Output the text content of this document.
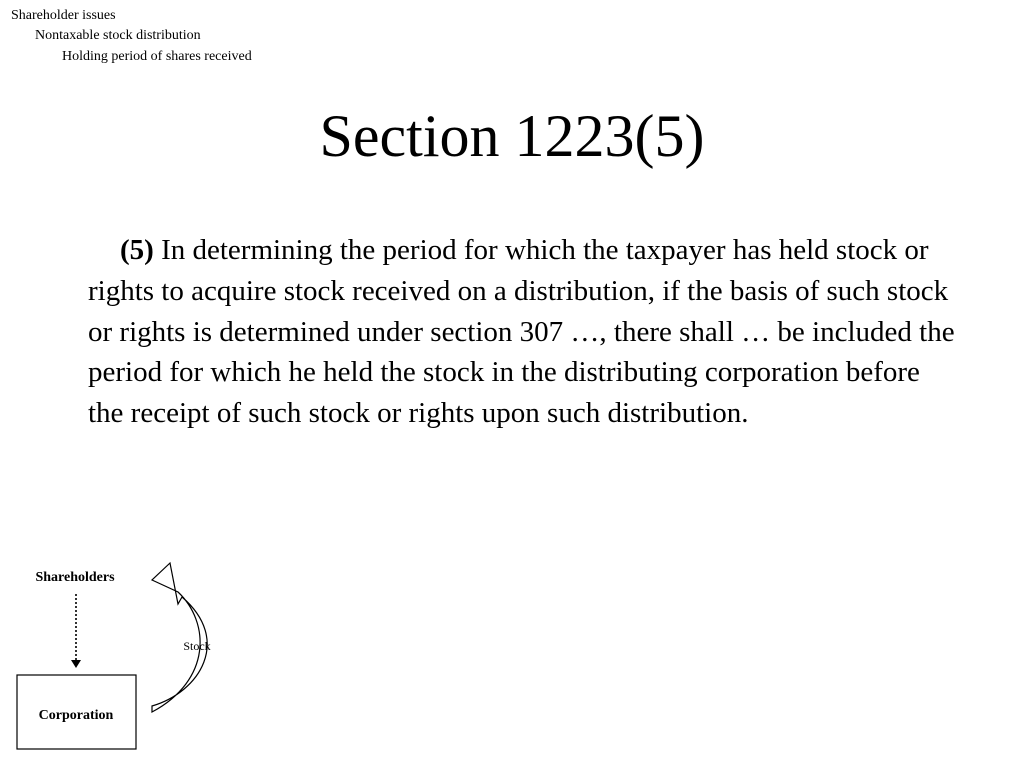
Shareholder issues
Nontaxable stock distribution
Holding period of shares received
Section 1223(5)
(5) In determining the period for which the taxpayer has held stock or rights to acquire stock received on a distribution, if the basis of such stock or rights is determined under section 307 …, there shall … be included the period for which he held the stock in the distributing corporation before the receipt of such stock or rights upon such distribution.
Shareholders
Corporation
Stock
